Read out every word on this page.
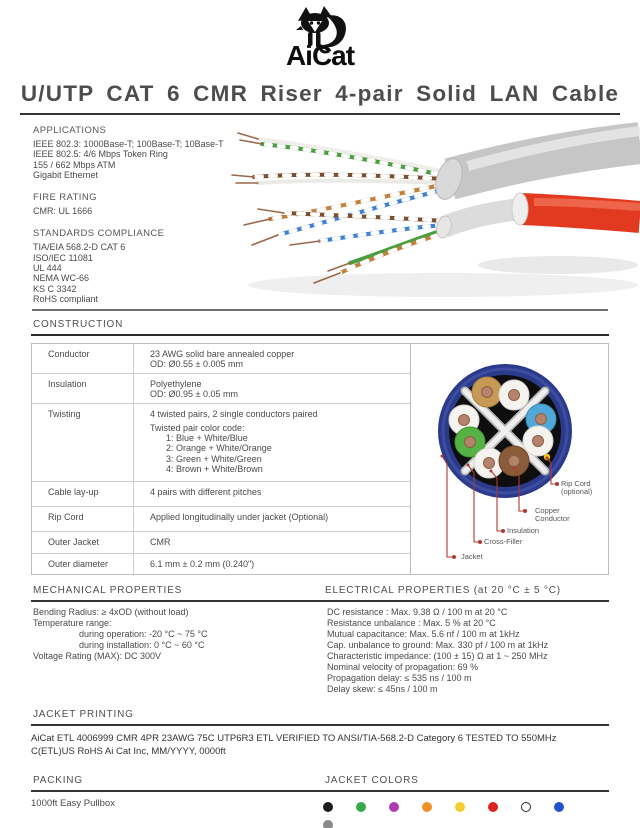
AiCat
U/UTP CAT 6 CMR Riser 4-pair Solid LAN Cable
APPLICATIONS
IEEE 802.3: 1000Base-T; 100Base-T; 10Base-T
IEEE 802.5: 4/6 Mbps Token Ring
155 / 662 Mbps ATM
Gigabit Ethernet
FIRE RATING
CMR: UL 1666
STANDARDS COMPLIANCE
TIA/EIA 568.2-D CAT 6
ISO/IEC 11081
UL 444
NEMA WC-66
KS C 3342
RoHS compliant
CONSTRUCTION
Conductor	23 AWG solid bare annealed copper
OD: Ø0.55 ± 0.005 mm
Insulation	Polyethylene
OD: Ø0.95 ± 0.05 mm
Twisting	4 twisted pairs, 2 single conductors paired
Twisted pair color code:
1: Blue + White/Blue
2: Orange + White/Orange
3: Green + White/Green
4: Brown + White/Brown
Cable lay-up	4 pairs with different pitches
Rip Cord	Applied longitudinally under jacket (Optional)
Outer Jacket	CMR
Outer diameter	6.1 mm ± 0.2 mm (0.240")
Rip Cord (optional)
Copper Conductor
Insulation
Cross-Filler
Jacket
MECHANICAL PROPERTIES	ELECTRICAL PROPERTIES (at 20 °C ± 5 °C)
Bending Radius: ≥ 4xOD (without load)
Temperature range:
during operation: -20 °C ~ 75 °C
during installation: 0 °C ~ 60 °C
Voltage Rating (MAX): DC 300V
DC resistance : Max. 9.38 Ω / 100 m at 20 °C
Resistance unbalance : Max. 5 % at 20 °C
Mutual capacitance: Max. 5.6 nf / 100 m at 1kHz
Cap. unbalance to ground: Max. 330 pf / 100 m at 1kHz
Characteristic impedance: (100 ± 15) Ω at 1 ~ 250 MHz
Nominal velocity of propagation: 69 %
Propagation delay: ≤ 535 ns / 100 m
Delay skew: ≤ 45ns / 100 m
JACKET PRINTING
AiCat ETL 4006999 CMR 4PR 23AWG 75C UTP6R3 ETL VERIFIED TO ANSI/TIA-568.2-D Category 6 TESTED TO 550MHz
C(ETL)US RoHS Ai Cat Inc, MM/YYYY, 0000ft
PACKING	JACKET COLORS
1000ft Easy Pullbox
